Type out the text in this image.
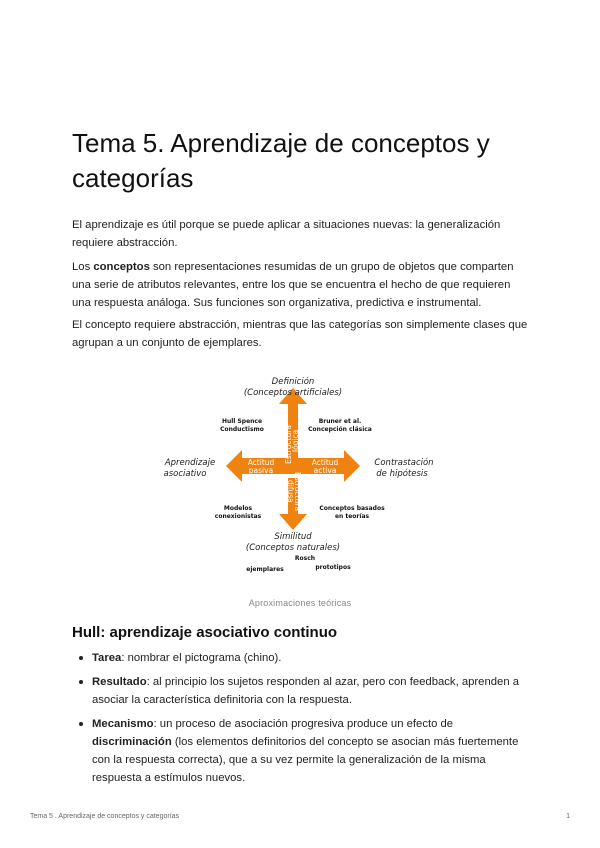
Tema 5. Aprendizaje de conceptos y categorías

El aprendizaje es útil porque se puede aplicar a situaciones nuevas: la generalización requiere abstracción.

Los conceptos son representaciones resumidas de un grupo de objetos que comparten una serie de atributos relevantes, entre los que se encuentra el hecho de que requieren una respuesta análoga. Sus funciones son organizativa, predictiva e instrumental.

El concepto requiere abstracción, mientras que las categorías son simplemente clases que agrupan a un conjunto de ejemplares.

Estructura
lógica
Estructura
difusa
Actitud
pasiva
Actitud
activa
Definición
(Conceptos artificiales)
Similitud
(Conceptos naturales)
Aprendizaje
asociativo
Contrastación
de hipótesis
Hull Spence
Conductismo
Bruner et al.
Concepción clásica
Modelos
conexionistas
Conceptos basados
en teorías
Rosch
ejemplares	prototipos
Aproximaciones teóricas
Hull: aprendizaje asociativo continuo
Tarea: nombrar el pictograma (chino).
Resultado: al principio los sujetos responden al azar, pero con feedback, aprenden a asociar la característica definitoria con la respuesta.
Mecanismo: un proceso de asociación progresiva produce un efecto de discriminación (los elementos definitorios del concepto se asocian más fuertemente con la respuesta correcta), que a su vez permite la generalización de la misma respuesta a estímulos nuevos.
Tema 5 . Aprendizaje de conceptos y categorías	1
